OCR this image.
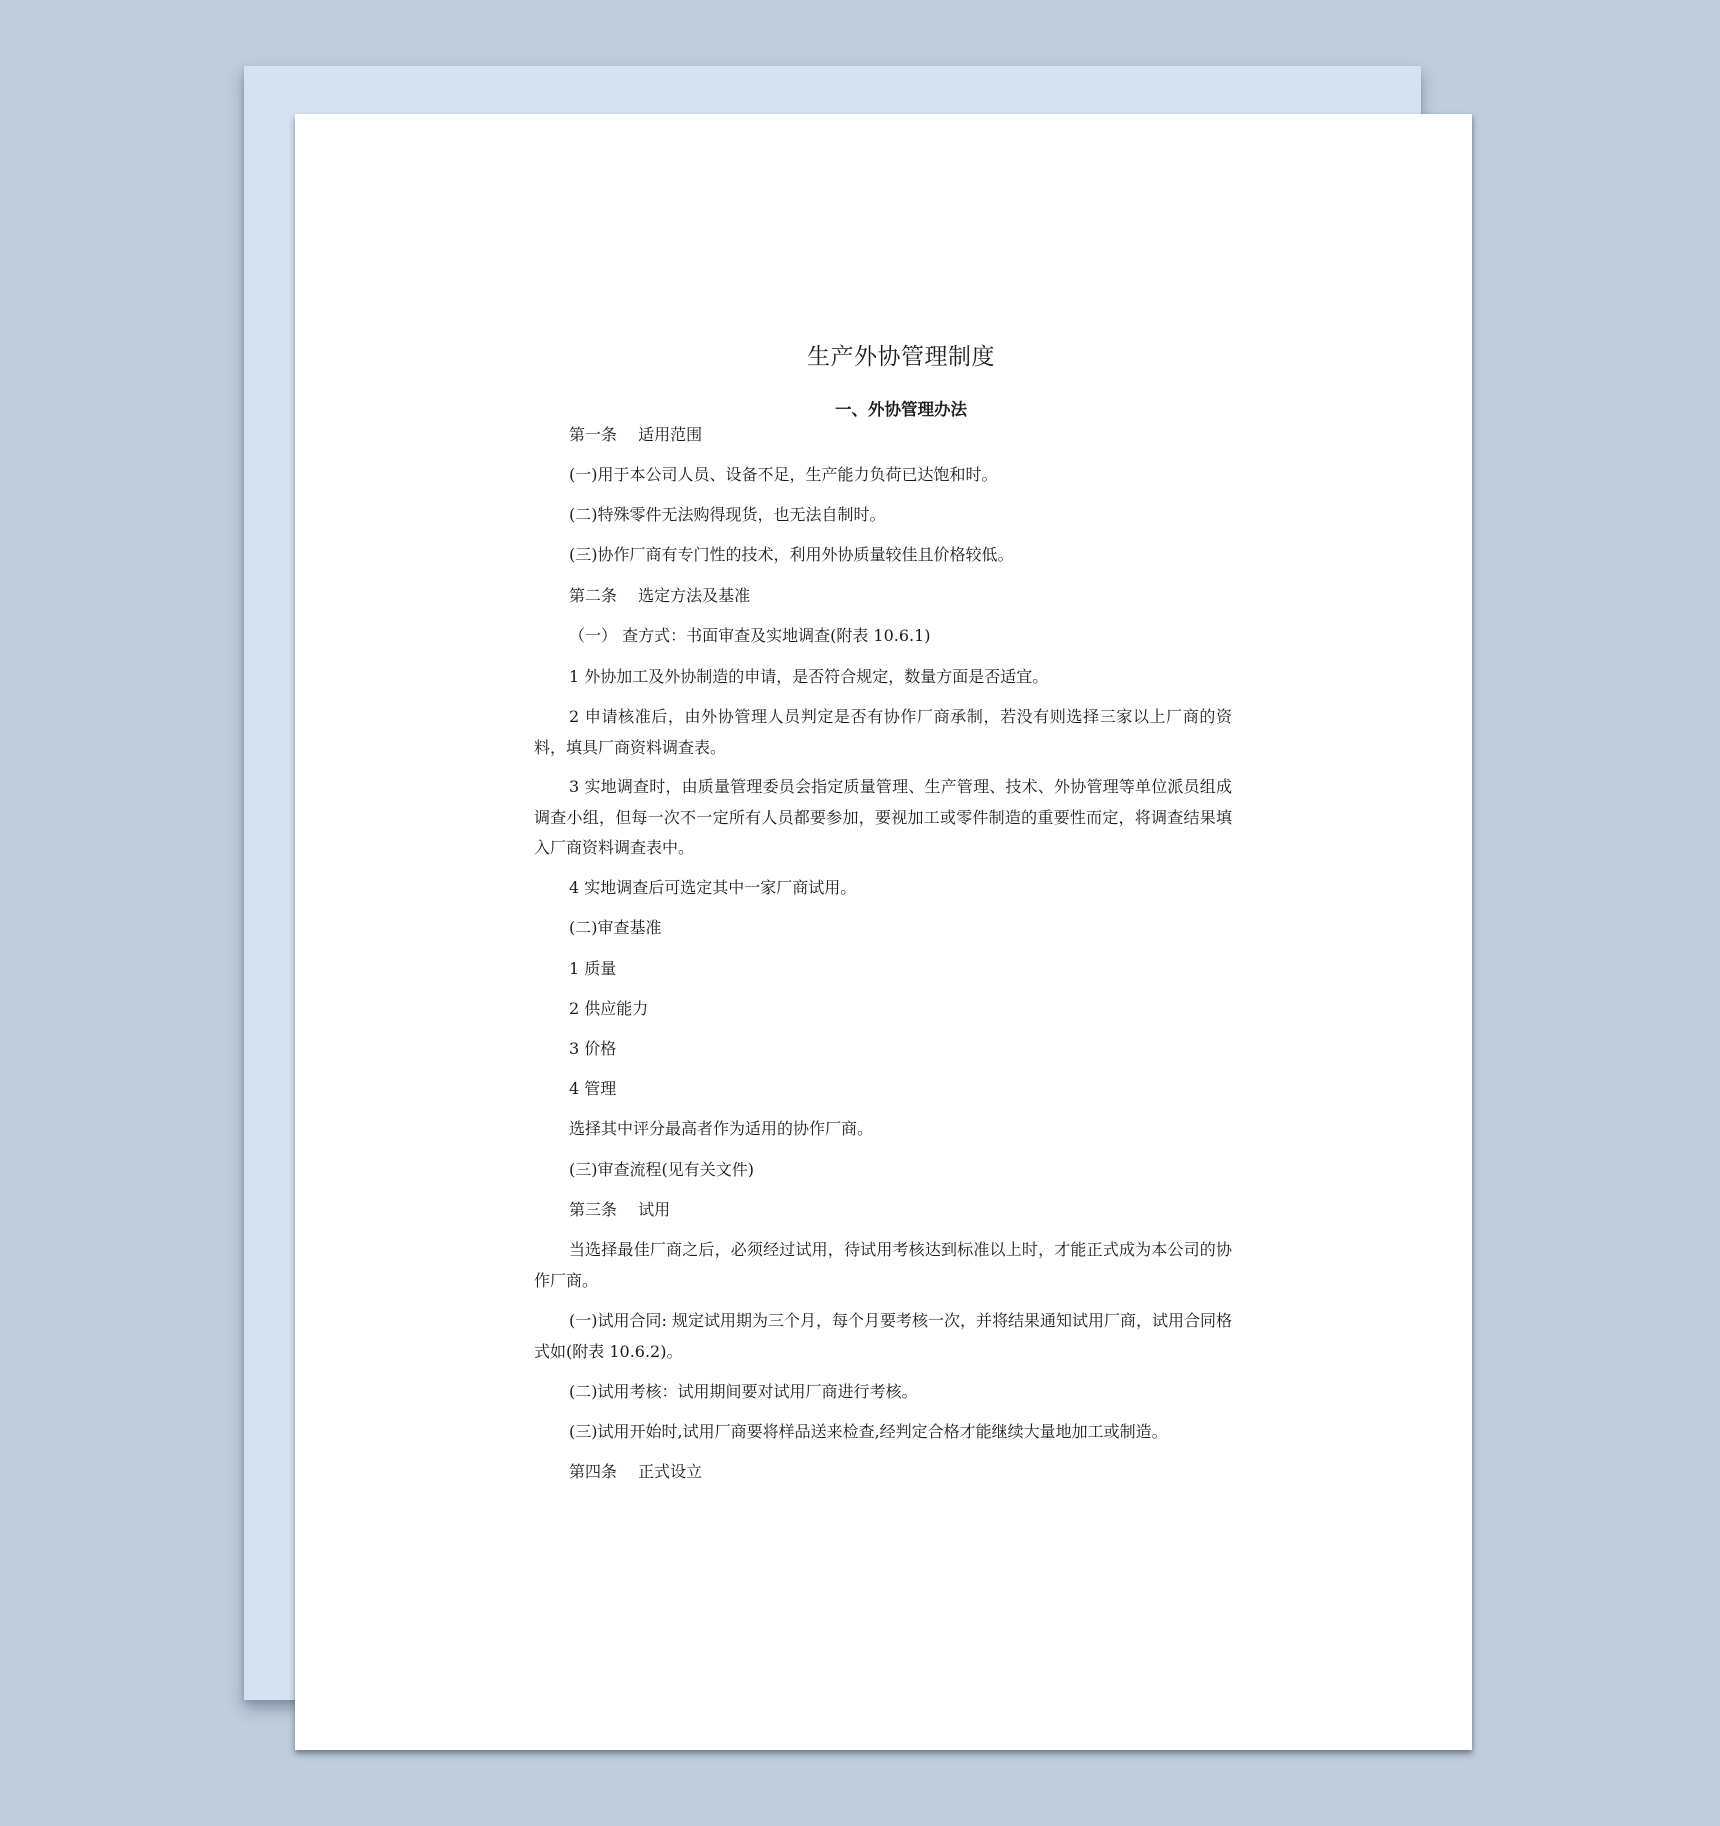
生产外协管理制度
一、外协管理办法
第一条　 适用范围
(一)用于本公司人员、设备不足，生产能力负荷已达饱和时。
(二)特殊零件无法购得现货，也无法自制时。
(三)协作厂商有专门性的技术，利用外协质量较佳且价格较低。
第二条　 选定方法及基准
（一） 查方式：书面审查及实地调查(附表 10.6.1)
1 外协加工及外协制造的申请，是否符合规定，数量方面是否适宜。
2 申请核准后，由外协管理人员判定是否有协作厂商承制，若没有则选择三家以上厂商的资料，填具厂商资料调查表。
3 实地调查时，由质量管理委员会指定质量管理、生产管理、技术、外协管理等单位派员组成调查小组，但每一次不一定所有人员都要参加，要视加工或零件制造的重要性而定，将调查结果填入厂商资料调查表中。
4 实地调查后可选定其中一家厂商试用。
(二)审查基准
1 质量
2 供应能力
3 价格
4 管理
选择其中评分最高者作为适用的协作厂商。
(三)审查流程(见有关文件)
第三条　 试用
当选择最佳厂商之后，必须经过试用，待试用考核达到标准以上时，才能正式成为本公司的协作厂商。
(一)试用合同: 规定试用期为三个月，每个月要考核一次，并将结果通知试用厂商，试用合同格式如(附表 10.6.2)。
(二)试用考核：试用期间要对试用厂商进行考核。
(三)试用开始时,试用厂商要将样品送来检查,经判定合格才能继续大量地加工或制造。
第四条　 正式设立
